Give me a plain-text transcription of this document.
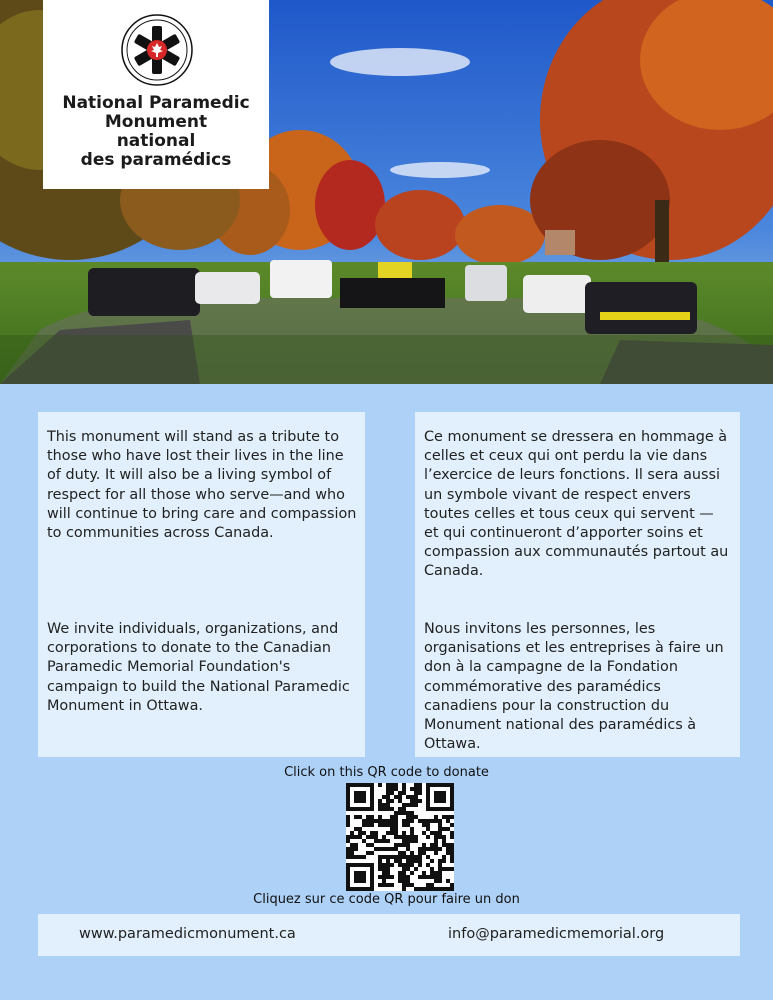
National Paramedic
Monument
national
des paramédics

This monument will stand as a tribute to those who have lost their lives in the line of duty. It will also be a living symbol of respect for all those who serve—and who will continue to bring care and compassion to communities across Canada.

We invite individuals, organizations, and corporations to donate to the Canadian Paramedic Memorial Foundation's campaign to build the National Paramedic Monument in Ottawa.

Ce monument se dressera en hommage à celles et ceux qui ont perdu la vie dans l’exercice de leurs fonctions. Il sera aussi un symbole vivant de respect envers toutes celles et tous ceux qui servent — et qui continueront d’apporter soins et compassion aux communautés partout au Canada.

Nous invitons les personnes, les organisations et les entreprises à faire un don à la campagne de la Fondation commémorative des paramédics canadiens pour la construction du Monument national des paramédics à Ottawa.

Click on this QR code to donate
Cliquez sur ce code QR pour faire un don
www.paramedicmonument.ca	info@paramedicmemorial.org
